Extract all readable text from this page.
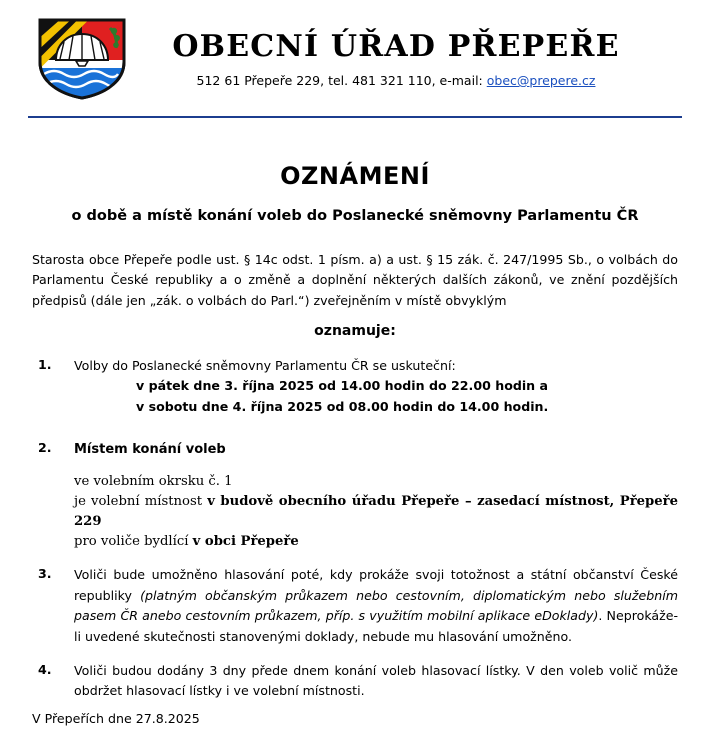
OBECNÍ ÚŘAD PŘEPEŘE
512 61 Přepeře 229, tel. 481 321 110, e-mail: obec@prepere.cz
OZNÁMENÍ
o době a místě konání voleb do Poslanecké sněmovny Parlamentu ČR

Starosta obce Přepeře podle ust. § 14c odst. 1 písm. a) a ust. § 15 zák. č. 247/1995 Sb., o volbách do Parlamentu České republiky a o změně a doplnění některých dalších zákonů, ve znění pozdějších předpisů (dále jen „zák. o volbách do Parl.“) zveřejněním v místě obvyklým

oznamuje:
1.	Volby do Poslanecké sněmovny Parlamentu ČR se uskuteční:
v pátek dne 3. října 2025 od 14.00 hodin do 22.00 hodin a
v sobotu dne 4. října 2025 od 08.00 hodin do 14.00 hodin.
2.	Místem konání voleb
ve volebním okrsku č. 1
je volební místnost v budově obecního úřadu Přepeře – zasedací místnost, Přepeře 229
pro voliče bydlící v obci Přepeře
3.	Voliči bude umožněno hlasování poté, kdy prokáže svoji totožnost a státní občanství České republiky (platným občanským průkazem nebo cestovním, diplomatickým nebo služebním pasem ČR anebo cestovním průkazem, příp. s využitím mobilní aplikace eDoklady). Neprokáže-li uvedené skutečnosti stanovenými doklady, nebude mu hlasování umožněno.
4.	Voliči budou dodány 3 dny přede dnem konání voleb hlasovací lístky. V den voleb volič může obdržet hlasovací lístky i ve volební místnosti.
V Přepeřích dne 27.8.2025
